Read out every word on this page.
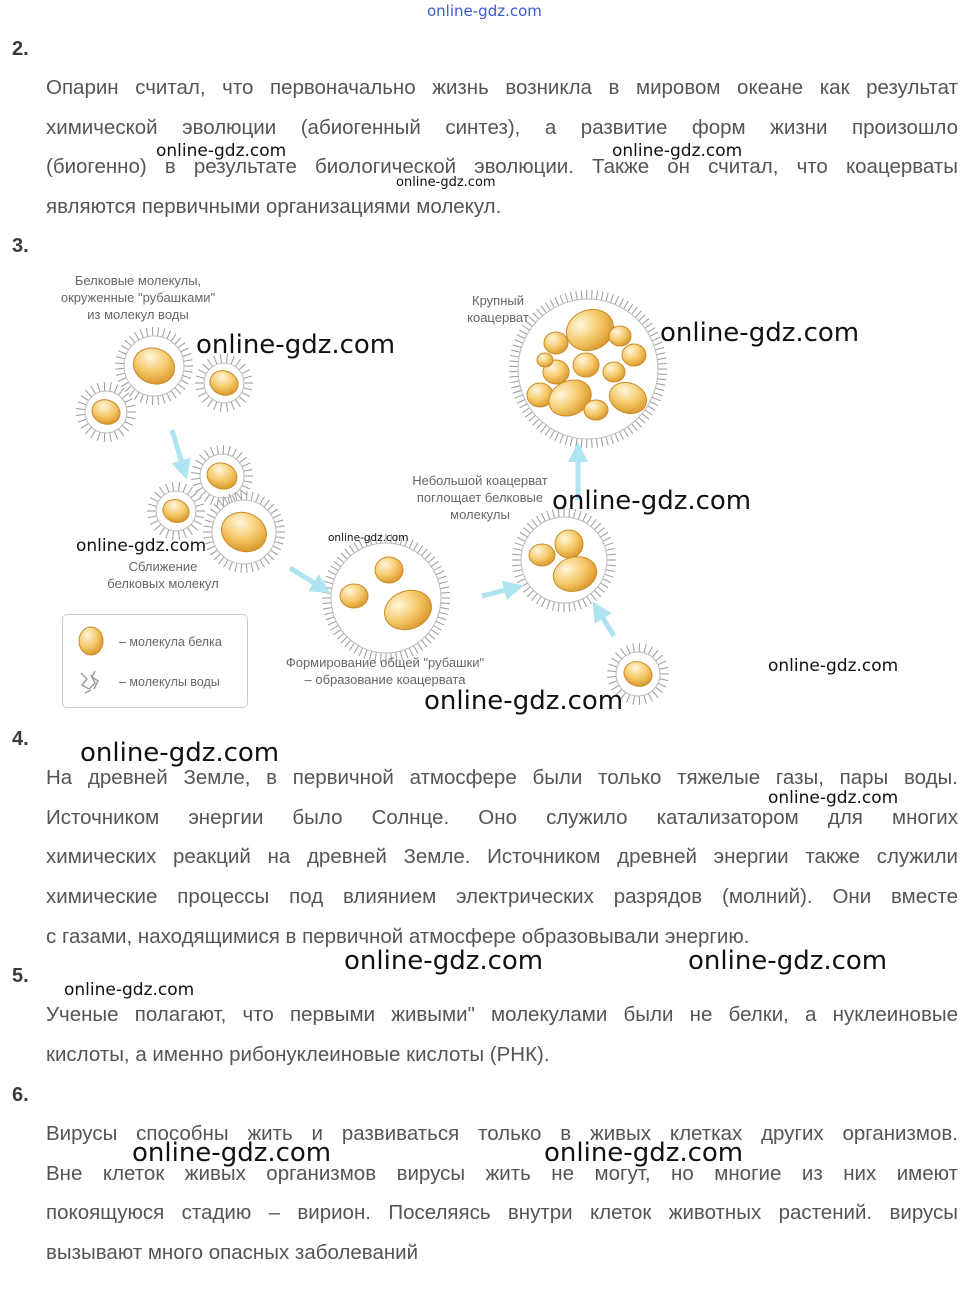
online-gdz.com
2.
Опарин считал, что первоначально жизнь возникла в мировом океане как результат
химической эволюции (абиогенный синтез), а развитие форм жизни произошло
(биогенно) в результате биологической эволюции. Также он считал, что коацерваты
являются первичными организациями молекул.
3.
Белковые молекулы,
окруженные "рубашками"
из молекул воды
Крупный
коацерват
Небольшой коацерват
поглощает белковые
молекулы
Сближение
белковых молекул
Формирование общей "рубашки"
– образование коацервата
– молекула белка
– молекулы воды
4.
На древней Земле, в первичной атмосфере были только тяжелые газы, пары воды.
Источником энергии было Солнце. Оно служило катализатором для многих
химических реакций на древней Земле. Источником древней энергии также служили
химические процессы под влиянием электрических разрядов (молний). Они вместе
с газами, находящимися в первичной атмосфере образовывали энергию.
5.
Ученые полагают, что первыми живыми" молекулами были не белки, а нуклеиновые
кислоты, а именно рибонуклеиновые кислоты (РНК).
6.
Вирусы способны жить и развиваться только в живых клетках других организмов.
Вне клеток живых организмов вирусы жить не могут, но многие из них имеют
покоящуюся стадию – вирион. Поселяясь внутри клеток животных растений. вирусы
вызывают много опасных заболеваний
online-gdz.com	online-gdz.com
online-gdz.com
online-gdz.com	online-gdz.com
online-gdz.com
online-gdz.com	online-gdz.com
online-gdz.com
online-gdz.com
online-gdz.com
online-gdz.com
online-gdz.com	online-gdz.com
online-gdz.com
online-gdz.com	online-gdz.com
